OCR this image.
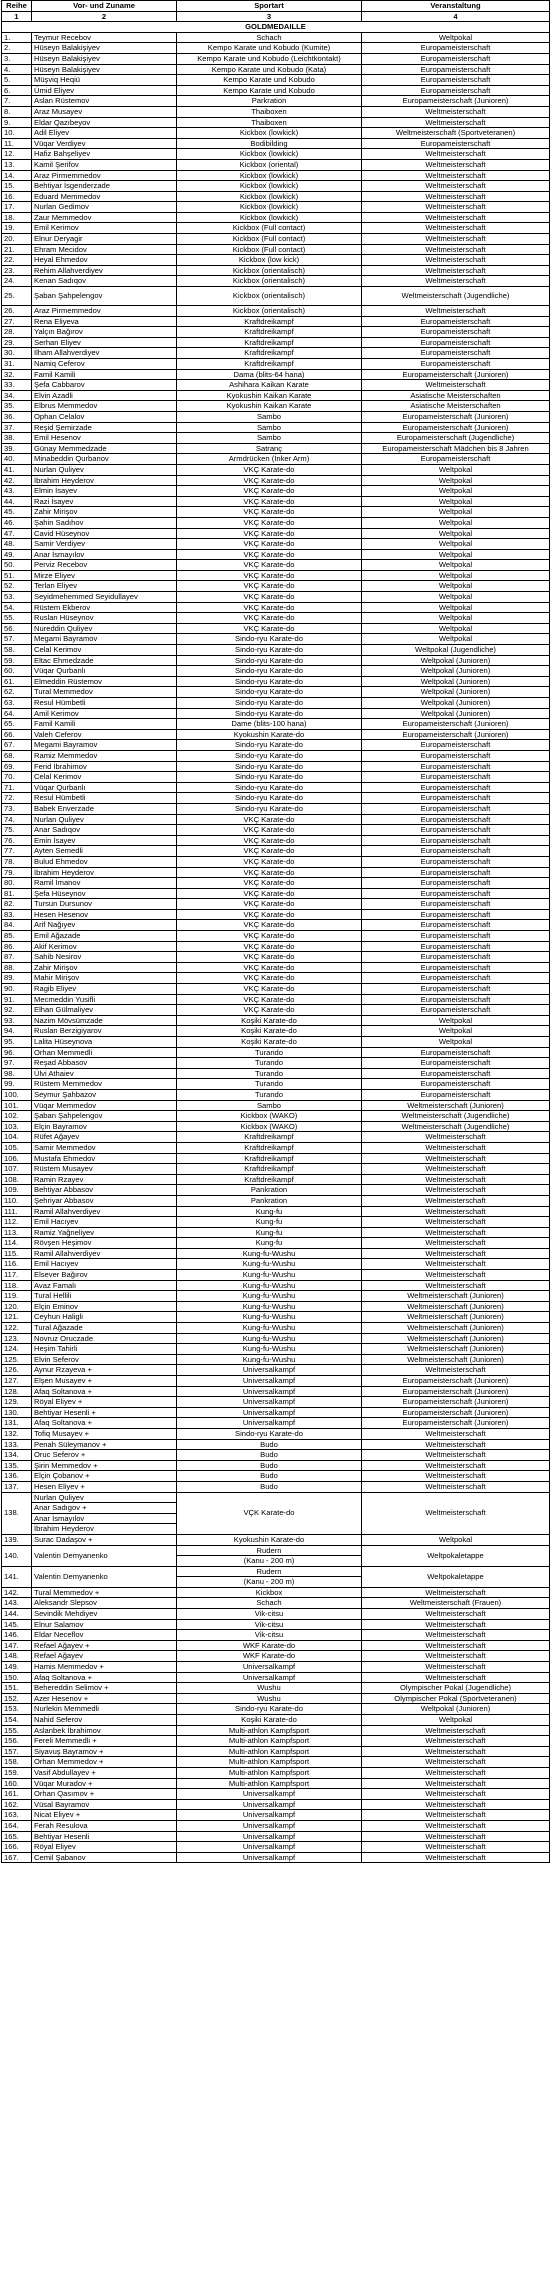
Reihe	Vor- und Zuname	Sportart	Veranstaltung
1	2	3	4
GOLDMEDAILLE			
1.	Teymur Recebov	Schach	Weltpokal
2.	Hüseyn Balakişiyev	Kempo Karate und Kobudo (Kumite)	Europameisterschaft
3.	Hüseyn Balakişiyev	Kempo Karate und Kobudo (Leichtkontakt)	Europameisterschaft
4.	Hüseyn Balakişiyev	Kempo Karate und Kobudo (Kata)	Europameisterschaft
5.	Müşviq Heqiü	Kempo Karate und Kobudo	Europameisterschaft
6.	Ümid Eliyev	Kempo Karate und Kobudo	Europameisterschaft
7.	Aslan Rüstemov	Parkration	Europameisterschaft (Junioren)
8.	Araz Musayev	Thaiboxen	Weltmeisterschaft
9.	Eldar Qazıbeyov	Thaiboxen	Weltmeisterschaft
10.	Adil Eliyev	Kickbox (lowkick)	Weltmeisterschaft (Sportveteranen)
11.	Vüqar Verdiyev	Bodibilding	Europameisterschaft
12.	Hafiz Bahşeliyev	Kickbox (lowkick)	Weltmeisterschaft
13.	Kamil Şerifov	Kickbox (oriental)	Weltmeisterschaft
14.	Araz Pirmemmedov	Kickbox (lowkick)	Weltmeisterschaft
15.	Behtiyar İsgenderzade	Kickbox (lowkick)	Weltmeisterschaft
16.	Eduard Memmedov	Kickbox (lowkick)	Weltmeisterschaft
17.	Nurlan Gedimov	Kickbox (lowkick)	Weltmeisterschaft
18.	Zaur Memmedov	Kickbox (lowkick)	Weltmeisterschaft
19.	Emil Kerimov	Kickbox (Full contact)	Weltmeisterschaft
20.	Elnur Deryagir	Kickbox (Full contact)	Weltmeisterschaft
21.	Ehram Mecidov	Kickbox (Full contact)	Weltmeisterschaft
22.	Heyal Ehmedov	Kickbox (low kick)	Weltmeisterschaft
23.	Rehim Allahverdiyev	Kickbox (orientalisch)	Weltmeisterschaft
24.	Kenan Sadıqov	Kickbox (orientalisch)	Weltmeisterschaft
25.	Şaban Şahpelengov	Kickbox (orientalisch)	Weltmeisterschaft (Jugendliche)
26.	Araz Pirmemmedov	Kickbox (orientalisch)	Weltmeisterschaft
27.	Rena Eliyeva	Kraftdreikampf	Europameisterschaft
28.	Yalçın Bağırov	Kraftdreikampf	Europameisterschaft
29.	Serhan Eliyev	Kraftdreikampf	Europameisterschaft
30.	İlham Allahverdiyev	Kraftdreikampf	Europameisterschaft
31.	Namiq Ceferov	Kraftdreikampf	Europameisterschaft
32.	Famil Kamili	Dama (blits-64 hana)	Europameisterschaft (Junioren)
33.	Şefa Cabbarov	Ashihara Kaikan Karate	Weltmeisterschaft
34.	Elvin Azadli	Kyokushin Kaikan Karate	Asiatische Meisterschaften
35.	Elbrus Memmedov	Kyokushin Kaikan Karate	Asiatische Meisterschaften
36.	Ophan Celalov	Sambo	Europameisterschaft (Junioren)
37.	Reşid Şemirzade	Sambo	Europameisterschaft (Junioren)
38.	Emil Hesenov	Sambo	Europameisterschaft (Jugendliche)
39.	Günay Memmedzade	Satranç	Europameisterschaft Mädchen bis 8 Jahren
40.	Minabeddin Qurbanov	Armdrücken (İnker Arm)	Europameisterschaft
41.	Nurlan Quliyev	VKÇ Karate-do	Weltpokal
42.	İbrahim Heyderov	VKÇ Karate-do	Weltpokal
43.	Elmin İsayev	VKÇ Karate-do	Weltpokal
44.	Razi İsayev	VKÇ Karate-do	Weltpokal
45.	Zahir Mirişov	VKÇ Karate-do	Weltpokal
46.	Şahin Sadıhov	VKÇ Karate-do	Weltpokal
47.	Cavid Hüseynov	VKÇ Karate-do	Weltpokal
48.	Samir Verdiyev	VKÇ Karate-do	Weltpokal
49.	Anar İsmayılov	VKÇ Karate-do	Weltpokal
50.	Perviz Recebov	VKÇ Karate-do	Weltpokal
51.	Mirze Eliyev	VKÇ Karate-do	Weltpokal
52.	Terlan Eliyev	VKÇ Karate-do	Weltpokal
53.	Seyidmehemmed Seyidullayev	VKÇ Karate-do	Weltpokal
54.	Rüstem Ekberov	VKÇ Karate-do	Weltpokal
55.	Ruslan Hüseynov	VKÇ Karate-do	Weltpokal
56.	Nureddin Quliyev	VKÇ Karate-do	Weltpokal
57.	Megami Bayramov	Sindo-ryu Karate-do	Weltpokal
58.	Celal Kerimov	Sindo-ryu Karate-do	Weltpokal (Jugendliche)
59.	Eltac Ehmedzade	Sindo-ryu Karate-do	Weltpokal (Junioren)
60.	Vüqar Qurbanlı	Sindo-ryu Karate-do	Weltpokal (Junioren)
61.	Elmeddin Rüstemov	Sindo-ryu Karate-do	Weltpokal (Junioren)
62.	Tural Memmedov	Sindo-ryu Karate-do	Weltpokal (Junioren)
63.	Resul Hümbetli	Sindo-ryu Karate-do	Weltpokal (Junioren)
64.	Amil Kerimov	Sindo-ryu Karate-do	Weltpokal (Junioren)
65.	Famil Kamili	Dame (blits-100 hana)	Europameisterschaft (Junioren)
66.	Valeh Ceferov	Kyokushin Karate-do	Europameisterschaft (Junioren)
67.	Megami Bayramov	Sindo-ryu Karate-do	Europameisterschaft
68.	Ramiz Memmedov	Sindo-ryu Karate-do	Europameisterschaft
69.	Ferid İbrahimov	Sindo-ryu Karate-do	Europameisterschaft
70.	Celal Kerimov	Sindo-ryu Karate-do	Europameisterschaft
71.	Vüqar Qurbanlı	Sindo-ryu Karate-do	Europameisterschaft
72.	Resul Hümbetli	Sindo-ryu Karate-do	Europameisterschaft
73.	Babek Enverzade	Sindo-ryu Karate-do	Europameisterschaft
74.	Nurlan Quliyev	VKÇ Karate-do	Europameisterschaft
75.	Anar Sadıqov	VKÇ Karate-do	Europameisterschaft
76.	Emin İsayev	VKÇ Karate-do	Europameisterschaft
77.	Ayten Semedli	VKÇ Karate-do	Europameisterschaft
78.	Bulud Ehmedov	VKÇ Karate-do	Europameisterschaft
79.	İbrahim Heyderov	VKÇ Karate-do	Europameisterschaft
80.	Ramil İmanov	VKÇ Karate-do	Europameisterschaft
81.	Şefa Hüseynov	VKÇ Karate-do	Europameisterschaft
82.	Tursun Dursunov	VKÇ Karate-do	Europameisterschaft
83.	Hesen Hesenov	VKÇ Karate-do	Europameisterschaft
84.	Arif Nağıyev	VKÇ Karate-do	Europameisterschaft
85.	Emil Ağazade	VKÇ Karate-do	Europameisterschaft
86.	Akif Kerimov	VKÇ Karate-do	Europameisterschaft
87.	Sahib Nesirov	VKÇ Karate-do	Europameisterschaft
88.	Zahir Mirişov	VKÇ Karate-do	Europameisterschaft
89.	Mahir Mirişov	VKÇ Karate-do	Europameisterschaft
90.	Ragib Eliyev	VKÇ Karate-do	Europameisterschaft
91.	Mecmeddin Yusifli	VKÇ Karate-do	Europameisterschaft
92.	Elhan Gülmaliyev	VKÇ Karate-do	Europameisterschaft
93.	Nazim Mövsümzade	Koşiki Karate-do	Weltpokal
94.	Ruslan Berzigiyarov	Koşiki Karate-do	Weltpokal
95.	Lalita Hüseynova	Koşiki Karate-do	Weltpokal
96.	Orhan Memmedli	Turando	Europameisterschaft
97.	Reşad Abbasov	Turando	Europameisterschaft
98.	Ülvi Athaiev	Turando	Europameisterschaft
99.	Rüstem Memmedov	Turando	Europameisterschaft
100.	Seymur Şahbazov	Turando	Europameisterschaft
101.	Vüqar Memmedov	Sambo	Weltmeisterschaft (Junioren)
102.	Şaban Şahpelengov	Kickbox (WAKO)	Weltmeisterschaft (Jugendliche)
103.	Elçin Bayramov	Kickbox (WAKO)	Weltmeisterschaft (Jugendliche)
104.	Rüfet Ağayev	Kraftdreikampf	Weltmeisterschaft
105.	Samir Memmedov	Kraftdreikampf	Weltmeisterschaft
106.	Mustafa Ehmedov	Kraftdreikampf	Weltmeisterschaft
107.	Rüstem Musayev	Kraftdreikampf	Weltmeisterschaft
108.	Ramin Rzayev	Kraftdreikampf	Weltmeisterschaft
109.	Behtiyar Abbasov	Pankration	Weltmeisterschaft
110.	Şehriyar Abbasov	Pankration	Weltmeisterschaft
111.	Ramil Allahverdiyev	Kung-fu	Weltmeisterschaft
112.	Emil Hacıyev	Kung-fu	Weltmeisterschaft
113.	Ramiz Yağneliyev	Kung-fu	Weltmeisterschaft
114.	Rövşen Heşimov	Kung-fu	Weltmeisterschaft
115.	Ramil Allahverdiyev	Kung-fu-Wushu	Weltmeisterschaft
116.	Emil Hacıyev	Kung-fu-Wushu	Weltmeisterschaft
117.	Elsever Bağırov	Kung-fu-Wushu	Weltmeisterschaft
118.	Avaz Famalı	Kung-fu-Wushu	Weltmeisterschaft
119.	Tural Hellili	Kung-fu-Wushu	Weltmeisterschaft (Junioren)
120.	Elçin Eminov	Kung-fu-Wushu	Weltmeisterschaft (Junioren)
121.	Ceyhun Haligli	Kung-fu-Wushu	Weltmeisterschaft (Junioren)
122.	Tural Ağazade	Kung-fu-Wushu	Weltmeisterschaft (Junioren)
123.	Novruz Oruczade	Kung-fu-Wushu	Weltmeisterschaft (Junioren)
124.	Heşim Tahirli	Kung-fu-Wushu	Weltmeisterschaft (Junioren)
125.	Elvin Seferov	Kung-fu-Wushu	Weltmeisterschaft (Junioren)
126.	Aynur Rzayeva +	Universalkampf	Weltmeisterschaft
127.	Elşen Musayev +	Universalkampf	Europameisterschaft (Junioren)
128.	Afaq Soltanova +	Universalkampf	Europameisterschaft (Junioren)
129.	Röyal Eliyev +	Universalkampf	Europameisterschaft (Junioren)
130.	Behtiyar Hesenli +	Universalkampf	Europameisterschaft (Junioren)
131.	Afaq Soltanova +	Universalkampf	Europameisterschaft (Junioren)
132.	Tofiq Musayev +	Sindo-ryu Karate-do	Weltmeisterschaft
133.	Penah Süleymanov +	Budo	Weltmeisterschaft
134.	Oruc Seferov +	Budo	Weltmeisterschaft
135.	Şirin Memmedov +	Budo	Weltmeisterschaft
136.	Elçin Çobanov +	Budo	Weltmeisterschaft
137.	Hesen Eliyev +	Budo	Weltmeisterschaft
138.	Nurlan Quliyev	VÇK Karate-do	Weltmeisterschaft
	Anar Sadıgov +		
	Anar İsmayılov		
	İbrahim Heyderov		
139.	Surac Dadaşov +	Kyokushin Karate-do	Weltpokal
140.	Valentin Demyanenko	Rudern	Weltpokaletappe
		(Kanu - 200 m)	
141.	Valentin Demyanenko	Rudern	Weltpokaletappe
		(Kanu - 200 m)	
142.	Tural Memmedov +	Kickbox	Weltmeisterschaft
143.	Aleksandr Slepsov	Schach	Weltmeisterschaft (Frauen)
144.	Sevindik Mehdiyev	Vik-citsu	Weltmeisterschaft
145.	Elnur Salamov	Vik-citsu	Weltmeisterschaft
146.	Eldar Neceflov	Vik-citsu	Weltmeisterschaft
147.	Refael Ağayev +	WKF Karate-do	Weltmeisterschaft
148.	Refael Ağayev	WKF Karate-do	Weltmeisterschaft
149.	Hamis Memmedov +	Universalkampf	Weltmeisterschaft
150.	Afaq Soltanova +	Universalkampf	Weltmeisterschaft
151.	Behereddin Selimov +	Wushu	Olympischer Pokal (Jugendliche)
152.	Azer Hesenov +	Wushu	Olympischer Pokal (Sportveteranen)
153.	Nurlekin Memmedli	Sindo-ryu Karate-do	Weltpokal (Junioren)
154.	Nahid Seferov	Koşiki Karate-do	Weltpokal
155.	Aslanbek İbrahimov	Multi-athlon Kampfsport	Weltmeisterschaft
156.	Fereli Memmedli +	Multi-athlon Kampfsport	Weltmeisterschaft
157.	Siyavuş Bayramov +	Multi-athlon Kampfsport	Weltmeisterschaft
158.	Orhan Memmedov +	Multi-athlon Kampfsport	Weltmeisterschaft
159.	Vasif Abdullayev +	Multi-athlon Kampfsport	Weltmeisterschaft
160.	Vüqar Muradov +	Multi-athlon Kampfsport	Weltmeisterschaft
161.	Orhan Qasımov +	Universalkampf	Weltmeisterschaft
162.	Vüsal Bayramov	Universalkampf	Weltmeisterschaft
163.	Nicat Eliyev +	Universalkampf	Weltmeisterschaft
164.	Ferah Resulova	Universalkampf	Weltmeisterschaft
165.	Behtiyar Hesenli	Universalkampf	Weltmeisterschaft
166.	Röyal Eliyev	Universalkampf	Weltmeisterschaft
167.	Cemil Şabanov	Universalkampf	Weltmeisterschaft
